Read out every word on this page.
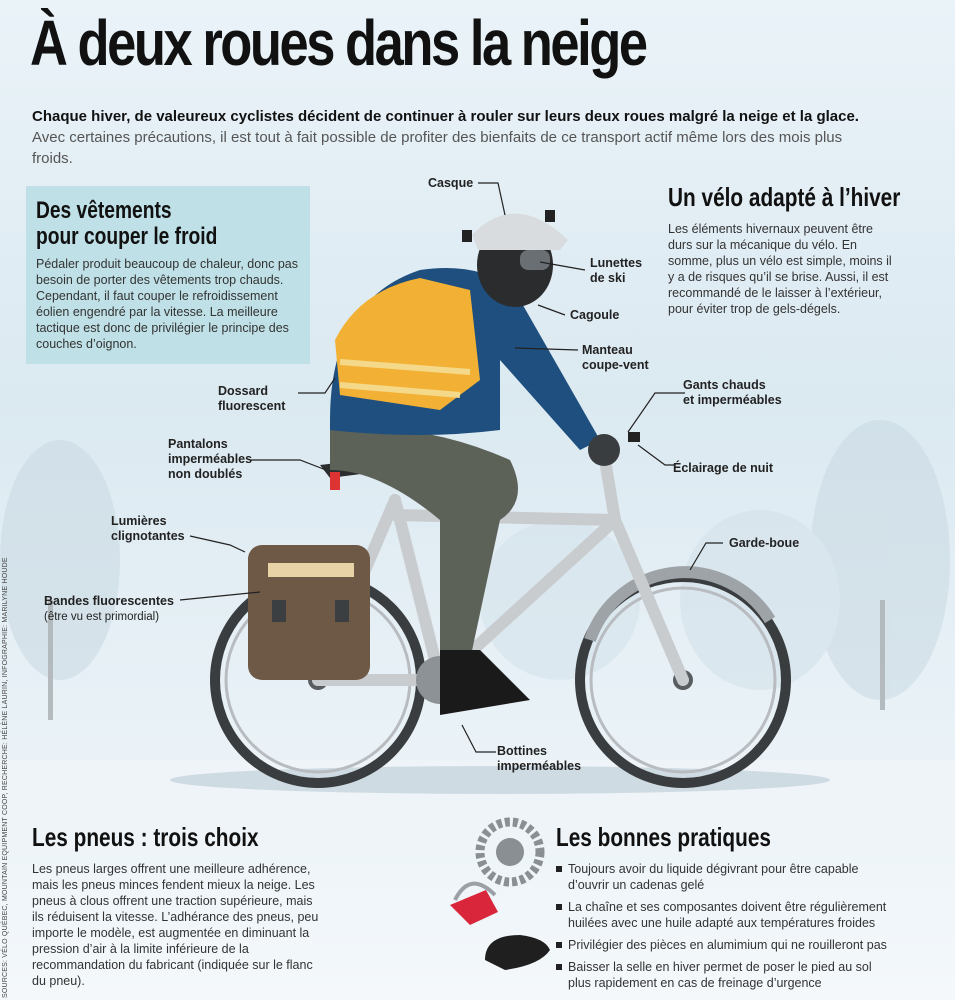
À deux roues dans la neige
Chaque hiver, de valeureux cyclistes décident de continuer à rouler sur leurs deux roues malgré la neige et la glace. Avec certaines précautions, il est tout à fait possible de profiter des bienfaits de ce transport actif même lors des mois plus froids.
Des vêtements
pour couper le froid

Pédaler produit beaucoup de chaleur, donc pas besoin de porter des vêtements trop chauds. Cependant, il faut couper le refroidissement éolien engendré par la vitesse. La meilleure tactique est donc de privilégier le principe des couches d’oignon.

Un vélo adapté à l’hiver

Les éléments hivernaux peuvent être durs sur la mécanique du vélo. En somme, plus un vélo est simple, moins il y a de risques qu’il se brise. Aussi, il est recommandé de le laisser à l’extérieur, pour éviter trop de gels-dégels.

Casque
Lunettes
de ski
Cagoule
Manteau
coupe-vent
Gants chauds
et imperméables
Éclairage de nuit
Dossard
fluorescent
Pantalons
imperméables
non doublés
Lumières
clignotantes	Garde-boue
Bandes fluorescentes
(être vu est primordial)
Bottines
imperméables
Les pneus : trois choix

Les pneus larges offrent une meilleure adhérence, mais les pneus minces fendent mieux la neige. Les pneus à clous offrent une traction supérieure, mais ils réduisent la vitesse. L’adhérance des pneus, peu importe le modèle, est augmentée en diminuant la pression d’air à la limite inférieure de la recommandation du fabricant (indiquée sur le flanc du pneu).

Les bonnes pratiques
Toujours avoir du liquide dégivrant pour être capable d’ouvrir un cadenas gelé
La chaîne et ses composantes doivent être régulièrement huilées avec une huile adapté aux températures froides
Privilégier des pièces en alumimium qui ne rouilleront pas
Baisser la selle en hiver permet de poser le pied au sol plus rapidement en cas de freinage d’urgence
SOURCES: VÉLO QUÉBEC, MOUNTAIN EQUIPMENT COOP, RECHERCHE: HÉLÈNE LAURIN, INFOGRAPHIE: MARILYNE HOUDE
